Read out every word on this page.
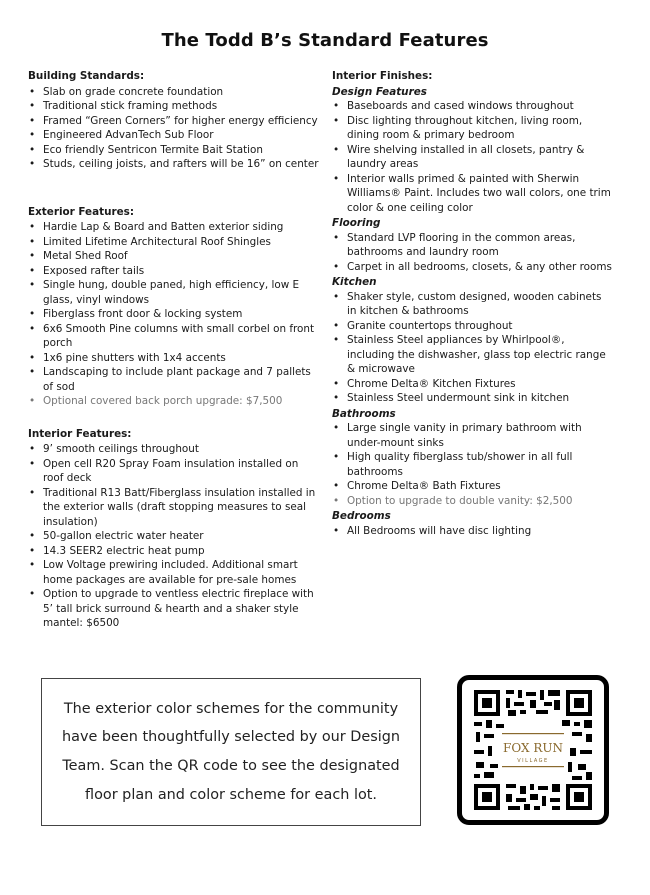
The Todd B’s Standard Features
Building Standards:
• Slab on grade concrete foundation
• Traditional stick framing methods
• Framed “Green Corners” for higher energy efficiency
• Engineered AdvanTech Sub Floor
• Eco friendly Sentricon Termite Bait Station
• Studs, ceiling joists, and rafters will be 16” on center
Exterior Features:
• Hardie Lap & Board and Batten exterior siding
• Limited Lifetime Architectural Roof Shingles
• Metal Shed Roof
• Exposed rafter tails
• Single hung, double paned, high efficiency, low E glass, vinyl windows
• Fiberglass front door & locking system
• 6x6 Smooth Pine columns with small corbel on front porch
• 1x6 pine shutters with 1x4 accents
• Landscaping to include plant package and 7 pallets of sod
• Optional covered back porch upgrade: $7,500
Interior Features:
• 9’ smooth ceilings throughout
• Open cell R20 Spray Foam insulation installed on roof deck
• Traditional R13 Batt/Fiberglass insulation installed in the exterior walls (draft stopping measures to seal insulation)
• 50-gallon electric water heater
• 14.3 SEER2 electric heat pump
• Low Voltage prewiring included. Additional smart home packages are available for pre-sale homes
• Option to upgrade to ventless electric fireplace with 5’ tall brick surround & hearth and a shaker style mantel: $6500
Interior Finishes:
Design Features
• Baseboards and cased windows throughout
• Disc lighting throughout kitchen, living room, dining room & primary bedroom
• Wire shelving installed in all closets, pantry & laundry areas
• Interior walls primed & painted with Sherwin Williams® Paint. Includes two wall colors, one trim color & one ceiling color
Flooring
• Standard LVP flooring in the common areas, bathrooms and laundry room
• Carpet in all bedrooms, closets, & any other rooms
Kitchen
• Shaker style, custom designed, wooden cabinets in kitchen & bathrooms
• Granite countertops throughout
• Stainless Steel appliances by Whirlpool®, including the dishwasher, glass top electric range & microwave
• Chrome Delta® Kitchen Fixtures
• Stainless Steel undermount sink in kitchen
Bathrooms
• Large single vanity in primary bathroom with under-mount sinks
• High quality fiberglass tub/shower in all full bathrooms
• Chrome Delta® Bath Fixtures
• Option to upgrade to double vanity: $2,500
Bedrooms
• All Bedrooms will have disc lighting
The exterior color schemes for the community have been thoughtfully selected by our Design Team. Scan the QR code to see the designated floor plan and color scheme for each lot.
FOX RUN
VILLAGE
